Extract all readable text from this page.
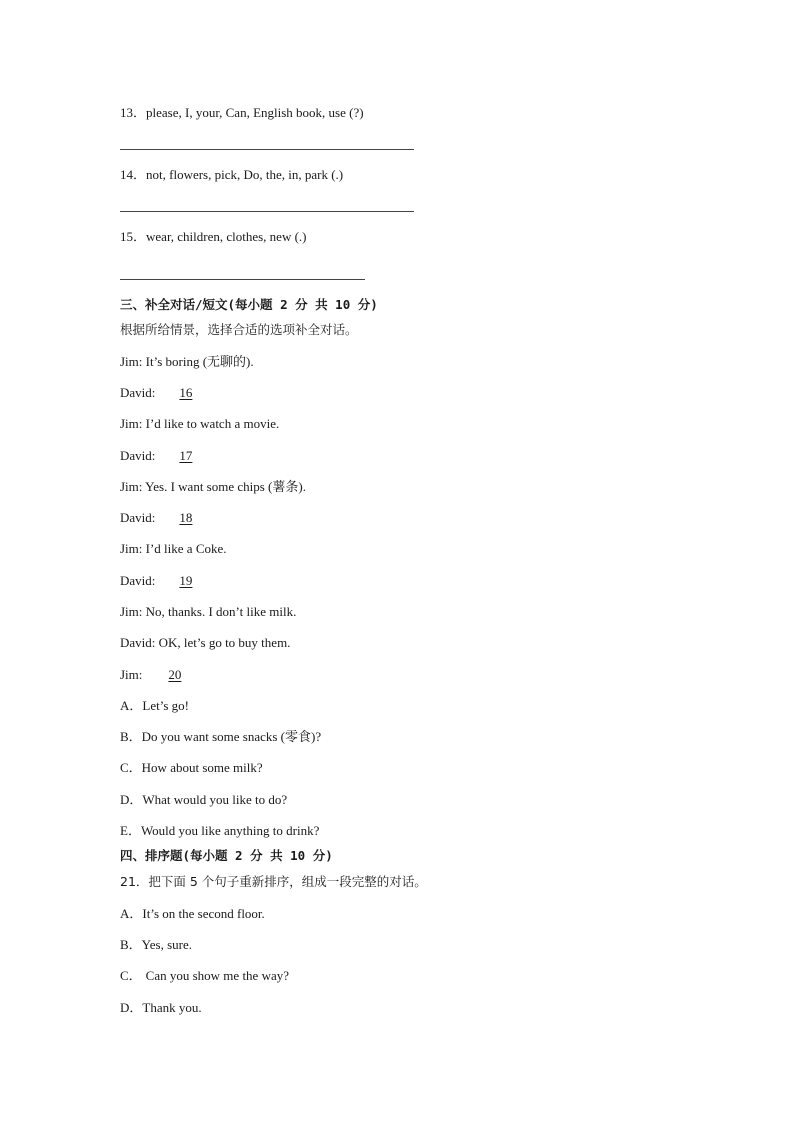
13．please, I, your, Can, English book, use (?)
14．not, flowers, pick, Do, the, in, park (.)
15．wear, children, clothes, new (.)
三、补全对话/短文(每小题 2 分 共 10 分)
根据所给情景，选择合适的选项补全对话。
Jim: It’s boring (无聊的).
David: 16
Jim: I’d like to watch a movie.
David: 17
Jim: Yes. I want some chips (薯条).
David: 18
Jim: I’d like a Coke.
David: 19
Jim: No, thanks. I don’t like milk.
David: OK, let’s go to buy them.
Jim: 20
A．Let’s go!
B．Do you want some snacks (零食)?
C．How about some milk?
D．What would you like to do?
E．Would you like anything to drink?
四、排序题(每小题 2 分 共 10 分)
21．把下面 5 个句子重新排序，组成一段完整的对话。
A．It’s on the second floor.
B．Yes, sure.
C． Can you show me the way?
D．Thank you.
